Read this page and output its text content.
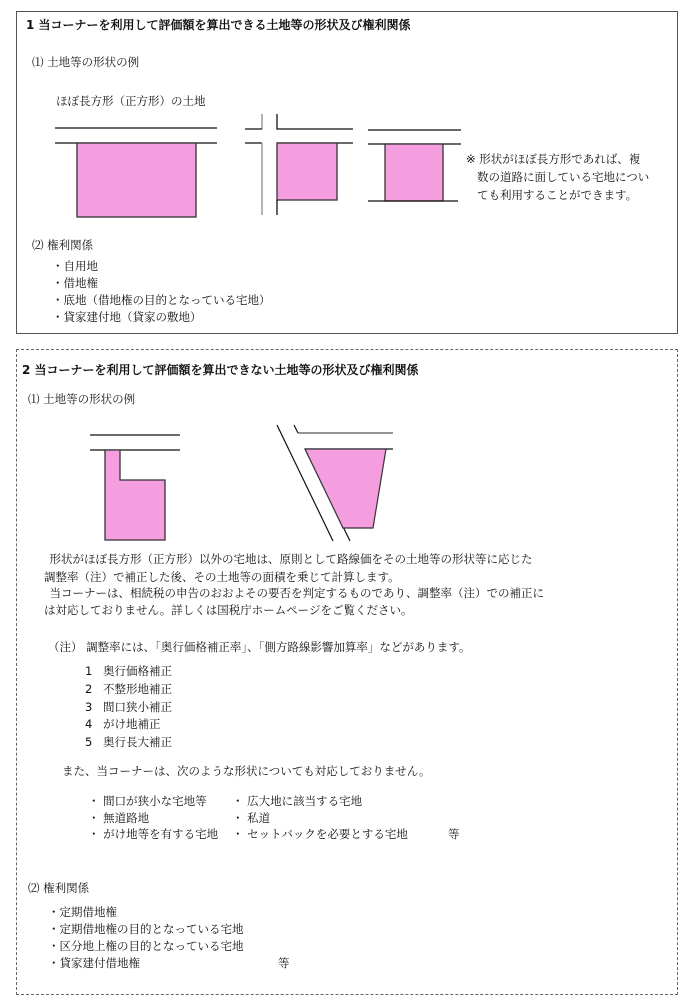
1 当コーナーを利用して評価額を算出できる土地等の形状及び権利関係
⑴ 土地等の形状の例
ほぼ長方形（正方形）の土地
※ 形状がほぼ長方形であれば、複
数の道路に面している宅地につい
ても利用することができます。
⑵ 権利関係
・自用地
・借地権
・底地（借地権の目的となっている宅地）
・貸家建付地（貸家の敷地）
2 当コーナーを利用して評価額を算出できない土地等の形状及び権利関係
⑴ 土地等の形状の例
　形状がほぼ長方形（正方形）以外の宅地は、原則として路線価をその土地等の形状等に応じた
調整率（注）で補正した後、その土地等の面積を乗じて計算します。
　当コーナーは、相続税の申告のおおよその要否を判定するものであり、調整率（注）での補正に
は対応しておりません。詳しくは国税庁ホームページをご覧ください。
（注） 調整率には、「奥行価格補正率」、「側方路線影響加算率」などがあります。
1 奥行価格補正
2 不整形地補正
3 間口狭小補正
4 がけ地補正
5 奥行長大補正
また、当コーナーは、次のような形状についても対応しておりません。
・ 間口が狭小な宅地等
・ 無道路地
・ がけ地等を有する宅地
・ 広大地に該当する宅地
・ 私道
・ セットバックを必要とする宅地	等
⑵ 権利関係
・定期借地権
・定期借地権の目的となっている宅地
・区分地上権の目的となっている宅地
・貸家建付借地権	等
